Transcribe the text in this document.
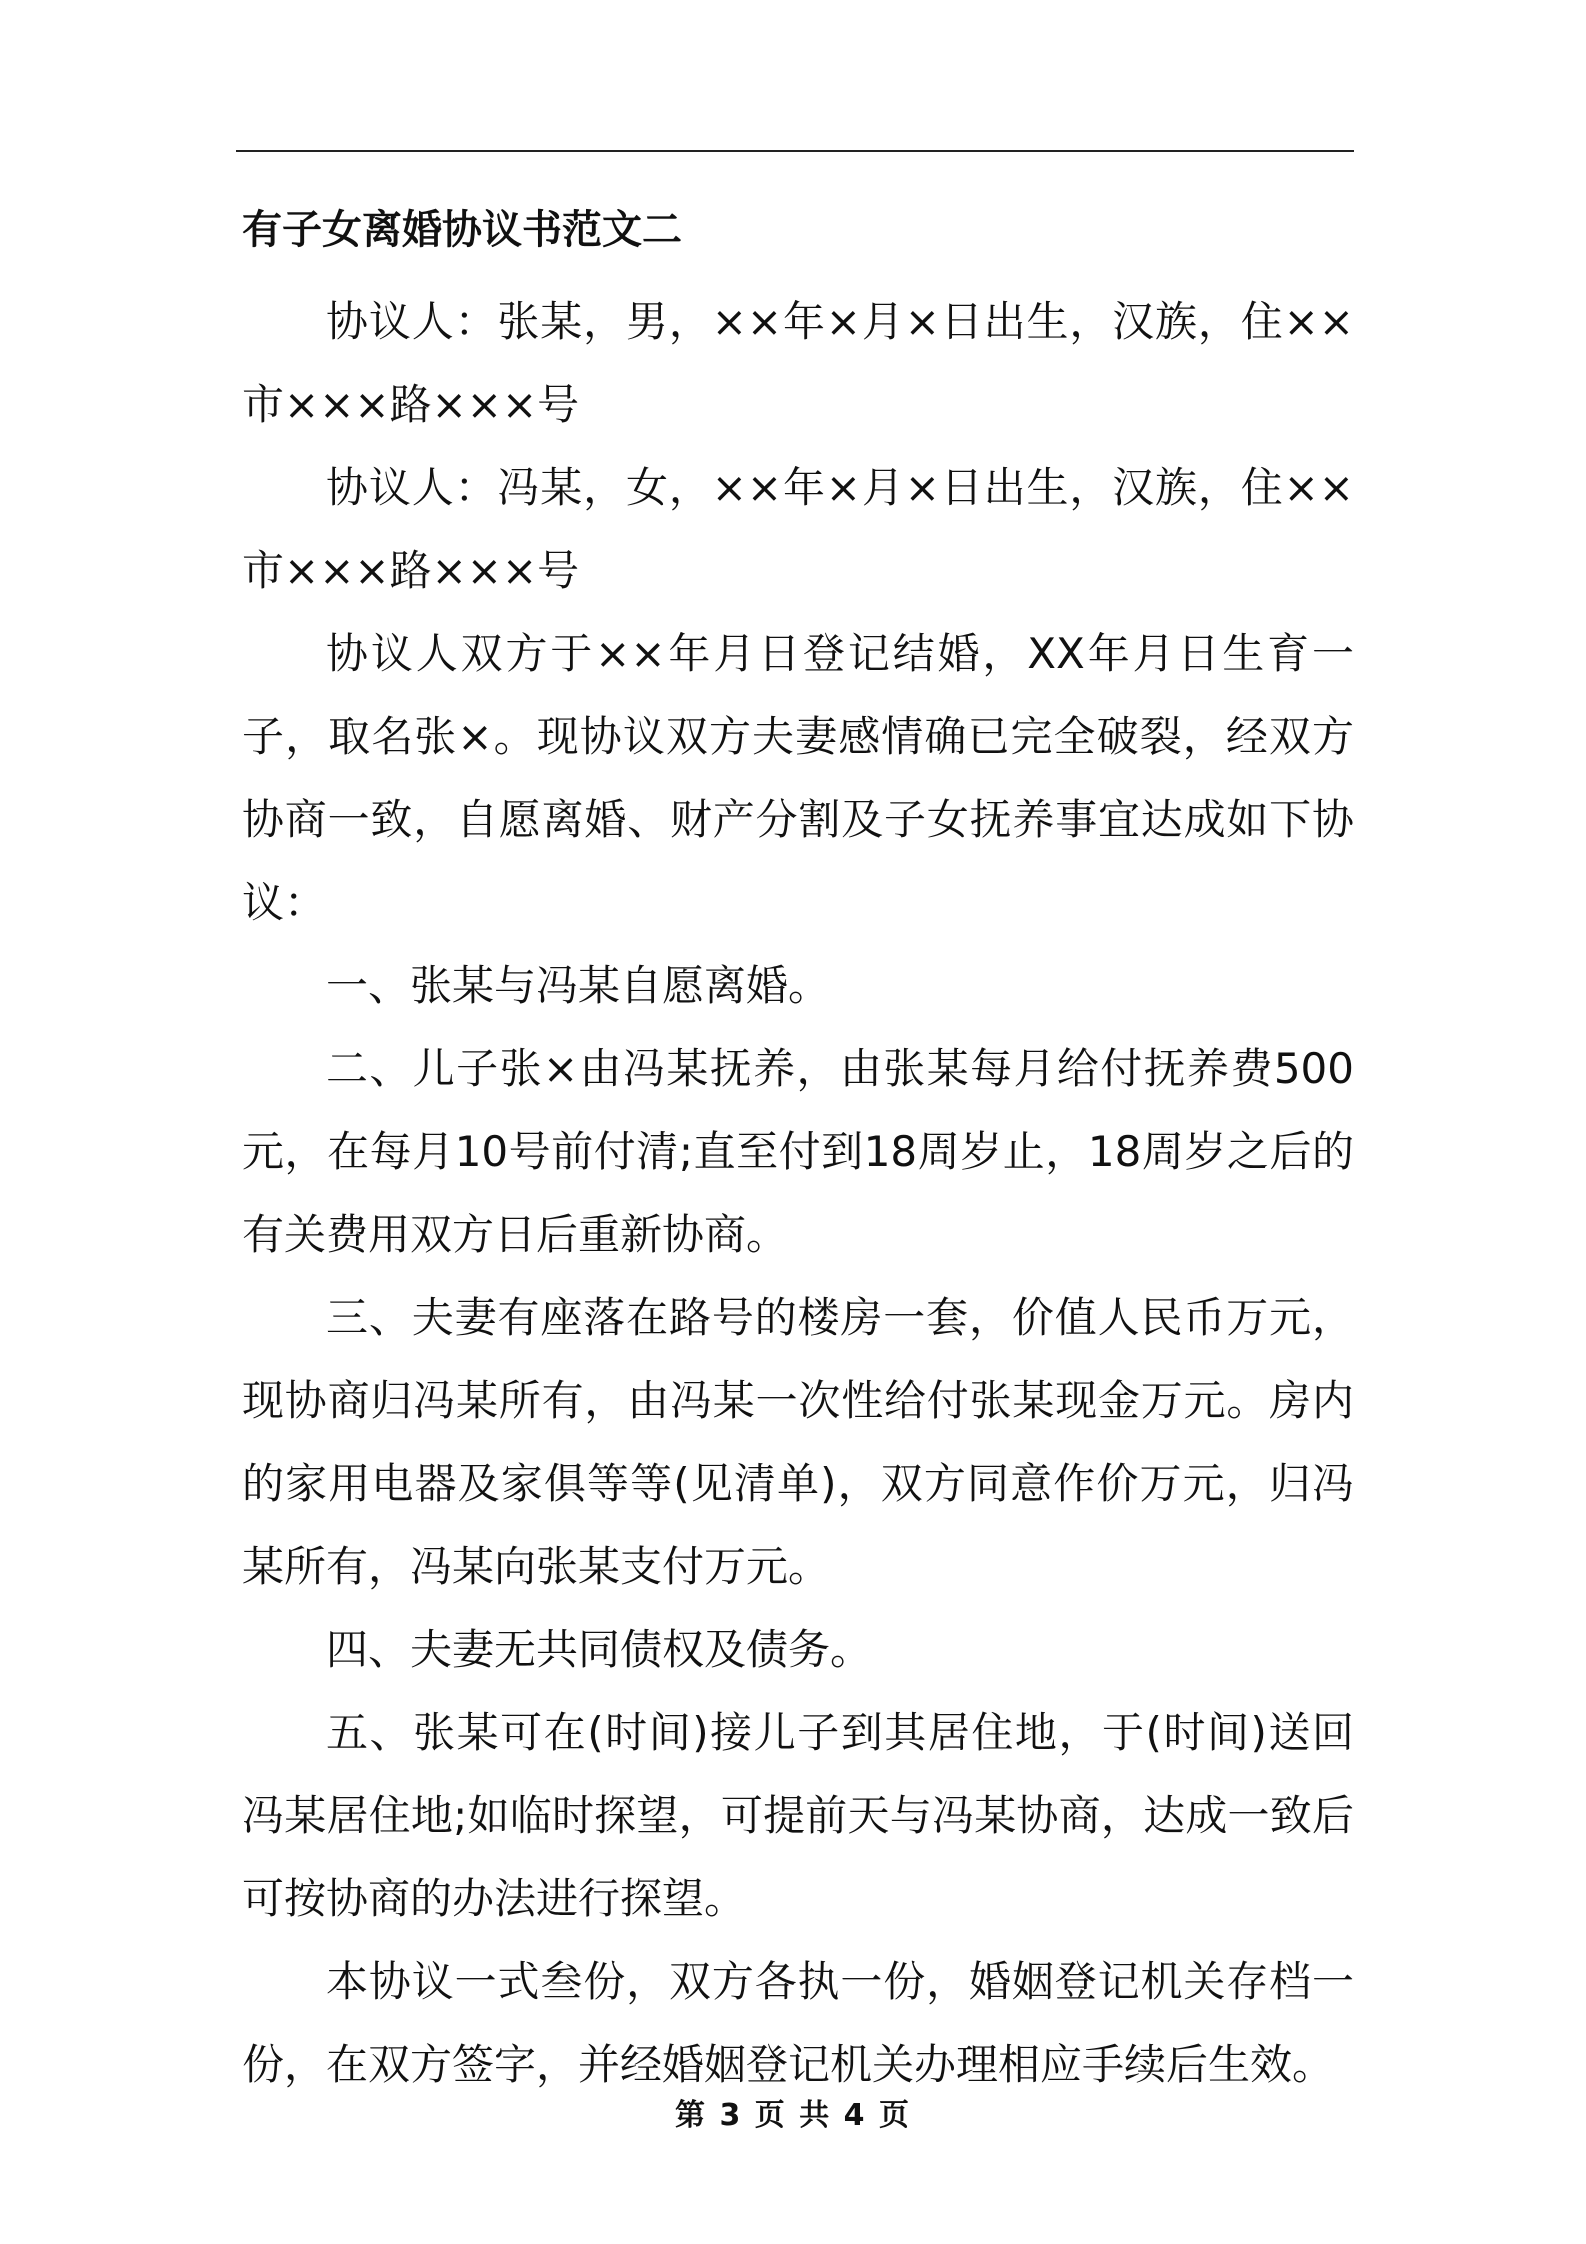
有子女离婚协议书范文二

协议人：张某，男，××年×月×日出生，汉族，住××市×××路×××号

协议人：冯某，女，××年×月×日出生，汉族，住××市×××路×××号

协议人双方于××年月日登记结婚，XX年月日生育一子，取名张×。现协议双方夫妻感情确已完全破裂，经双方协商一致，自愿离婚、财产分割及子女抚养事宜达成如下协议：

一、张某与冯某自愿离婚。

二、儿子张×由冯某抚养，由张某每月给付抚养费500元，在每月10号前付清;直至付到18周岁止，18周岁之后的有关费用双方日后重新协商。

三、夫妻有座落在路号的楼房一套，价值人民币万元，现协商归冯某所有，由冯某一次性给付张某现金万元。房内的家用电器及家俱等等(见清单)，双方同意作价万元，归冯某所有，冯某向张某支付万元。

四、夫妻无共同债权及债务。

五、张某可在(时间)接儿子到其居住地，于(时间)送回冯某居住地;如临时探望，可提前天与冯某协商，达成一致后可按协商的办法进行探望。

本协议一式叁份，双方各执一份，婚姻登记机关存档一份，在双方签字，并经婚姻登记机关办理相应手续后生效。

第 3 页 共 4 页
